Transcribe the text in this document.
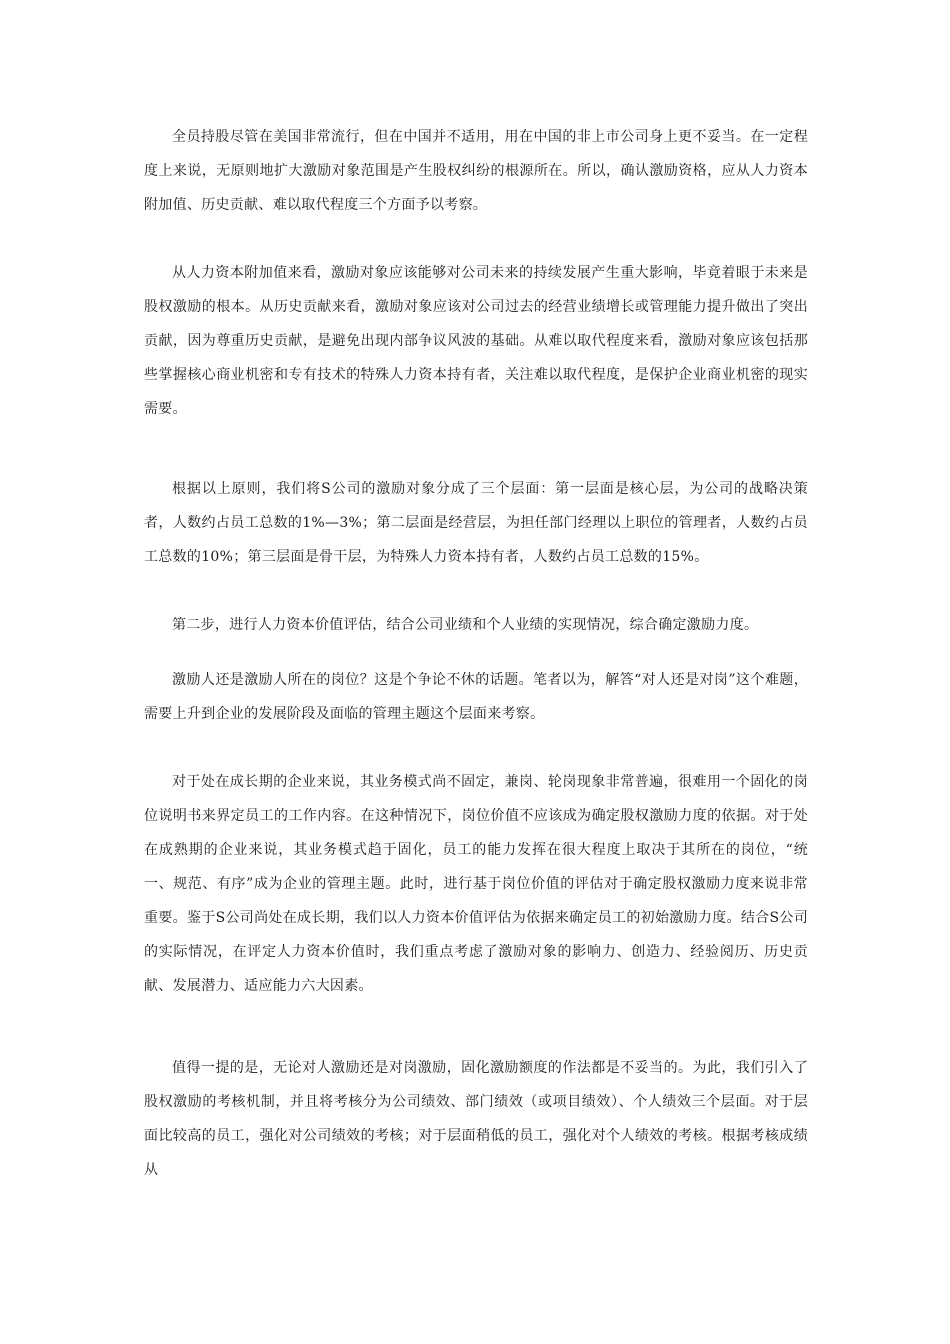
全员持股尽管在美国非常流行，但在中国并不适用，用在中国的非上市公司身上更不妥当。在一定程度上来说，无原则地扩大激励对象范围是产生股权纠纷的根源所在。所以，确认激励资格，应从人力资本附加值、历史贡献、难以取代程度三个方面予以考察。

从人力资本附加值来看，激励对象应该能够对公司未来的持续发展产生重大影响，毕竟着眼于未来是股权激励的根本。从历史贡献来看，激励对象应该对公司过去的经营业绩增长或管理能力提升做出了突出贡献，因为尊重历史贡献，是避免出现内部争议风波的基础。从难以取代程度来看，激励对象应该包括那些掌握核心商业机密和专有技术的特殊人力资本持有者，关注难以取代程度，是保护企业商业机密的现实需要。

根据以上原则，我们将S公司的激励对象分成了三个层面：第一层面是核心层，为公司的战略决策者，人数约占员工总数的1%—3%；第二层面是经营层，为担任部门经理以上职位的管理者，人数约占员工总数的10%；第三层面是骨干层，为特殊人力资本持有者，人数约占员工总数的15%。

第二步，进行人力资本价值评估，结合公司业绩和个人业绩的实现情况，综合确定激励力度。

激励人还是激励人所在的岗位？这是个争论不休的话题。笔者以为，解答“对人还是对岗”这个难题，需要上升到企业的发展阶段及面临的管理主题这个层面来考察。

对于处在成长期的企业来说，其业务模式尚不固定，兼岗、轮岗现象非常普遍，很难用一个固化的岗位说明书来界定员工的工作内容。在这种情况下，岗位价值不应该成为确定股权激励力度的依据。对于处在成熟期的企业来说，其业务模式趋于固化，员工的能力发挥在很大程度上取决于其所在的岗位，“统一、规范、有序”成为企业的管理主题。此时，进行基于岗位价值的评估对于确定股权激励力度来说非常重要。鉴于S公司尚处在成长期，我们以人力资本价值评估为依据来确定员工的初始激励力度。结合S公司的实际情况，在评定人力资本价值时，我们重点考虑了激励对象的影响力、创造力、经验阅历、历史贡献、发展潜力、适应能力六大因素。

值得一提的是，无论对人激励还是对岗激励，固化激励额度的作法都是不妥当的。为此，我们引入了股权激励的考核机制，并且将考核分为公司绩效、部门绩效（或项目绩效）、个人绩效三个层面。对于层面比较高的员工，强化对公司绩效的考核；对于层面稍低的员工，强化对个人绩效的考核。根据考核成绩从
